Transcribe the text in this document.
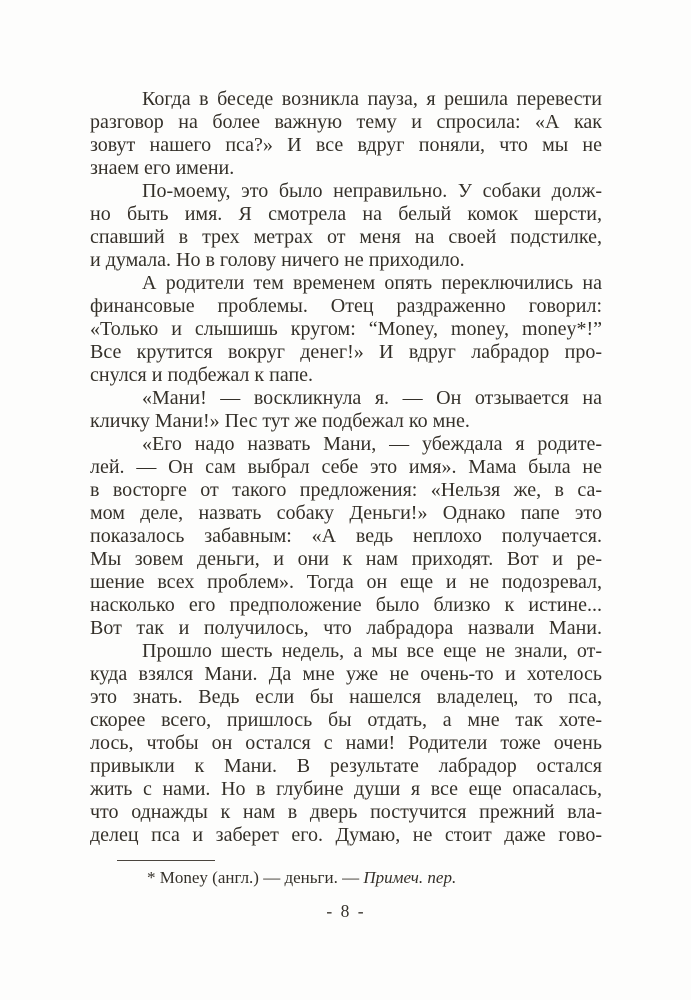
Когда в беседе возникла пауза, я решила перевести
разговор на более важную тему и спросила: «А как
зовут нашего пса?» И все вдруг поняли, что мы не
знаем его имени.
По-моему, это было неправильно. У собаки долж-
но быть имя. Я смотрела на белый комок шерсти,
спавший в трех метрах от меня на своей подстилке,
и думала. Но в голову ничего не приходило.
А родители тем временем опять переключились на
финансовые проблемы. Отец раздраженно говорил:
«Только и слышишь кругом: “Money, money, money*!”
Все крутится вокруг денег!» И вдруг лабрадор про-
снулся и подбежал к папе.
«Мани! — воскликнула я. — Он отзывается на
кличку Мани!» Пес тут же подбежал ко мне.
«Его надо назвать Мани, — убеждала я родите-
лей. — Он сам выбрал себе это имя». Мама была не
в восторге от такого предложения: «Нельзя же, в са-
мом деле, назвать собаку Деньги!» Однако папе это
показалось забавным: «А ведь неплохо получается.
Мы зовем деньги, и они к нам приходят. Вот и ре-
шение всех проблем». Тогда он еще и не подозревал,
насколько его предположение было близко к истине...
Вот так и получилось, что лабрадора назвали Мани.
Прошло шесть недель, а мы все еще не знали, от-
куда взялся Мани. Да мне уже не очень-то и хотелось
это знать. Ведь если бы нашелся владелец, то пса,
скорее всего, пришлось бы отдать, а мне так хоте-
лось, чтобы он остался с нами! Родители тоже очень
привыкли к Мани. В результате лабрадор остался
жить с нами. Но в глубине души я все еще опасалась,
что однажды к нам в дверь постучится прежний вла-
делец пса и заберет его. Думаю, не стоит даже гово-
* Money (англ.) — деньги. — Примеч. пер.
- 8 -
